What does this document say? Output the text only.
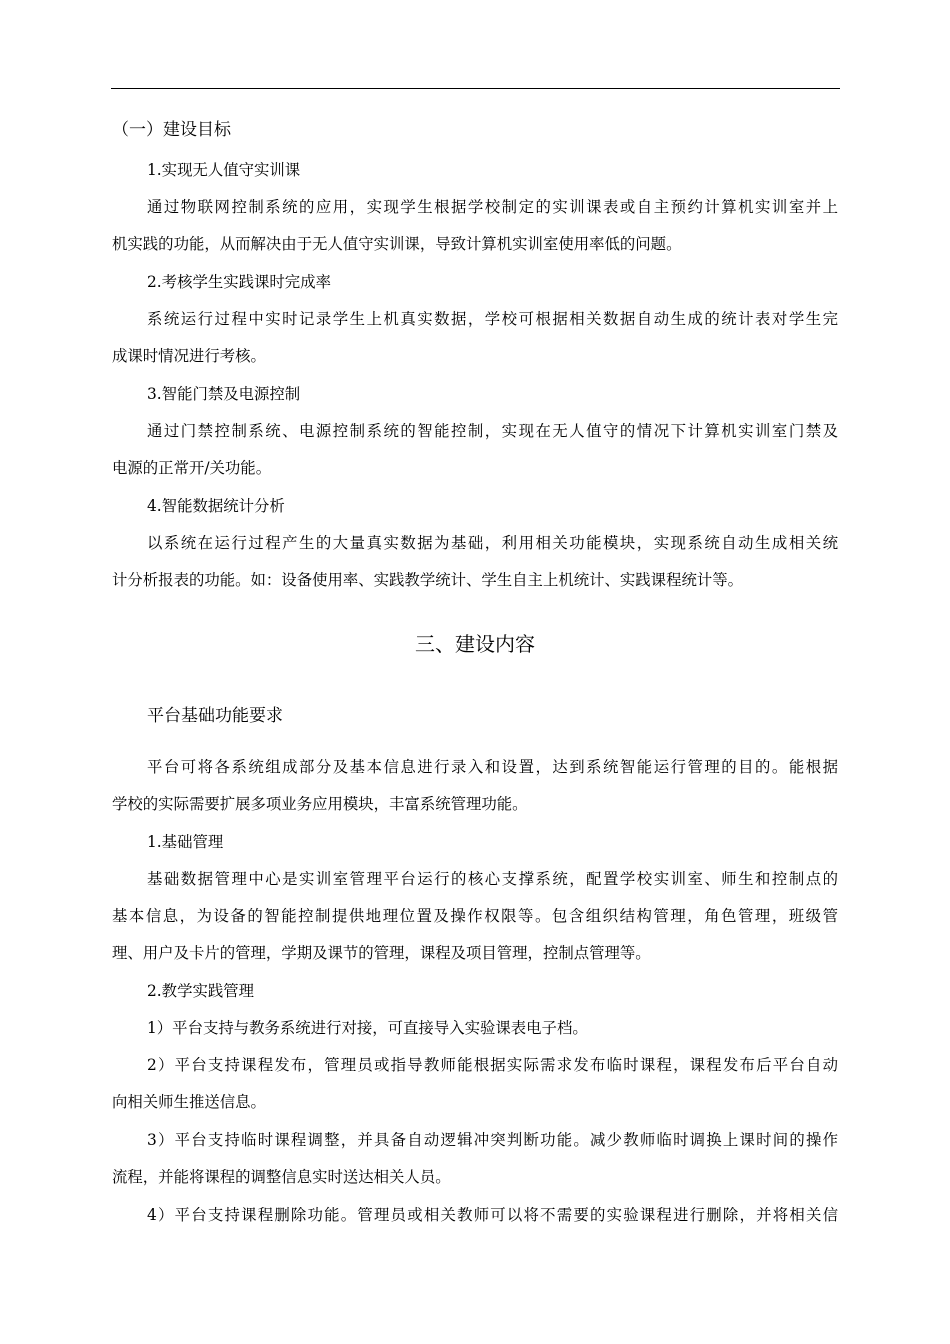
（一）建设目标
1.实现无人值守实训课
通过物联网控制系统的应用，实现学生根据学校制定的实训课表或自主预约计算机实训室并上
机实践的功能，从而解决由于无人值守实训课，导致计算机实训室使用率低的问题。
2.考核学生实践课时完成率
系统运行过程中实时记录学生上机真实数据，学校可根据相关数据自动生成的统计表对学生完
成课时情况进行考核。
3.智能门禁及电源控制
通过门禁控制系统、电源控制系统的智能控制，实现在无人值守的情况下计算机实训室门禁及
电源的正常开/关功能。
4.智能数据统计分析
以系统在运行过程产生的大量真实数据为基础，利用相关功能模块，实现系统自动生成相关统
计分析报表的功能。如：设备使用率、实践教学统计、学生自主上机统计、实践课程统计等。
三、建设内容
平台基础功能要求
平台可将各系统组成部分及基本信息进行录入和设置，达到系统智能运行管理的目的。能根据
学校的实际需要扩展多项业务应用模块，丰富系统管理功能。
1.基础管理
基础数据管理中心是实训室管理平台运行的核心支撑系统，配置学校实训室、师生和控制点的
基本信息，为设备的智能控制提供地理位置及操作权限等。包含组织结构管理，角色管理，班级管
理、用户及卡片的管理，学期及课节的管理，课程及项目管理，控制点管理等。
2.教学实践管理
1）平台支持与教务系统进行对接，可直接导入实验课表电子档。
2）平台支持课程发布，管理员或指导教师能根据实际需求发布临时课程，课程发布后平台自动
向相关师生推送信息。
3）平台支持临时课程调整，并具备自动逻辑冲突判断功能。减少教师临时调换上课时间的操作
流程，并能将课程的调整信息实时送达相关人员。
4）平台支持课程删除功能。管理员或相关教师可以将不需要的实验课程进行删除，并将相关信
